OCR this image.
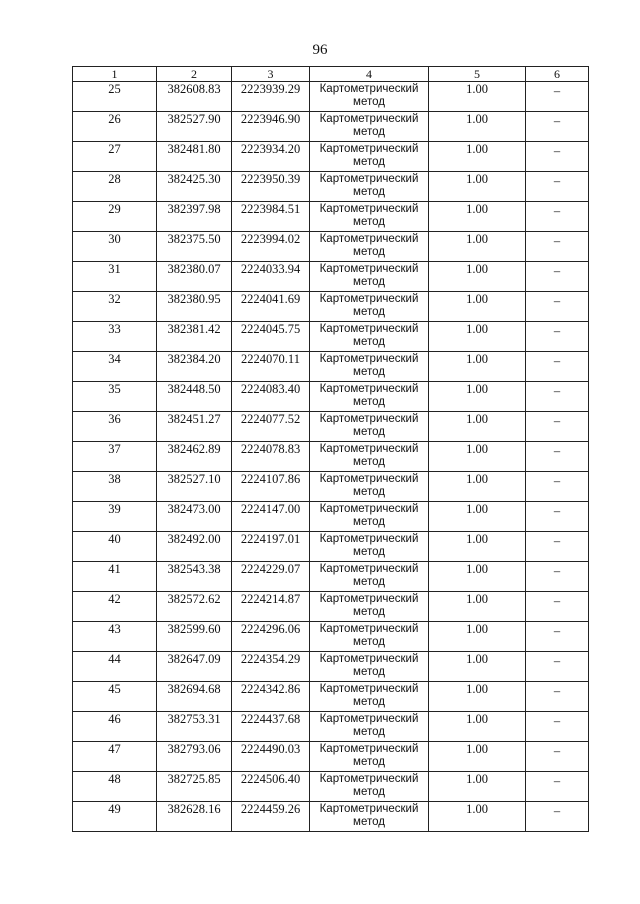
96
1	2	3	4	5	6

25	382608.83	2223939.29	Картометрический метод	1.00	–

26	382527.90	2223946.90	Картометрический метод	1.00	–

27	382481.80	2223934.20	Картометрический метод	1.00	–

28	382425.30	2223950.39	Картометрический метод	1.00	–

29	382397.98	2223984.51	Картометрический метод	1.00	–

30	382375.50	2223994.02	Картометрический метод	1.00	–

31	382380.07	2224033.94	Картометрический метод	1.00	–

32	382380.95	2224041.69	Картометрический метод	1.00	–

33	382381.42	2224045.75	Картометрический метод	1.00	–

34	382384.20	2224070.11	Картометрический метод	1.00	–

35	382448.50	2224083.40	Картометрический метод	1.00	–

36	382451.27	2224077.52	Картометрический метод	1.00	–

37	382462.89	2224078.83	Картометрический метод	1.00	–

38	382527.10	2224107.86	Картометрический метод	1.00	–

39	382473.00	2224147.00	Картометрический метод	1.00	–

40	382492.00	2224197.01	Картометрический метод	1.00	–

41	382543.38	2224229.07	Картометрический метод	1.00	–

42	382572.62	2224214.87	Картометрический метод	1.00	–

43	382599.60	2224296.06	Картометрический метод	1.00	–

44	382647.09	2224354.29	Картометрический метод	1.00	–

45	382694.68	2224342.86	Картометрический метод	1.00	–

46	382753.31	2224437.68	Картометрический метод	1.00	–

47	382793.06	2224490.03	Картометрический метод	1.00	–

48	382725.85	2224506.40	Картометрический метод	1.00	–

49	382628.16	2224459.26	Картометрический метод	1.00	–
